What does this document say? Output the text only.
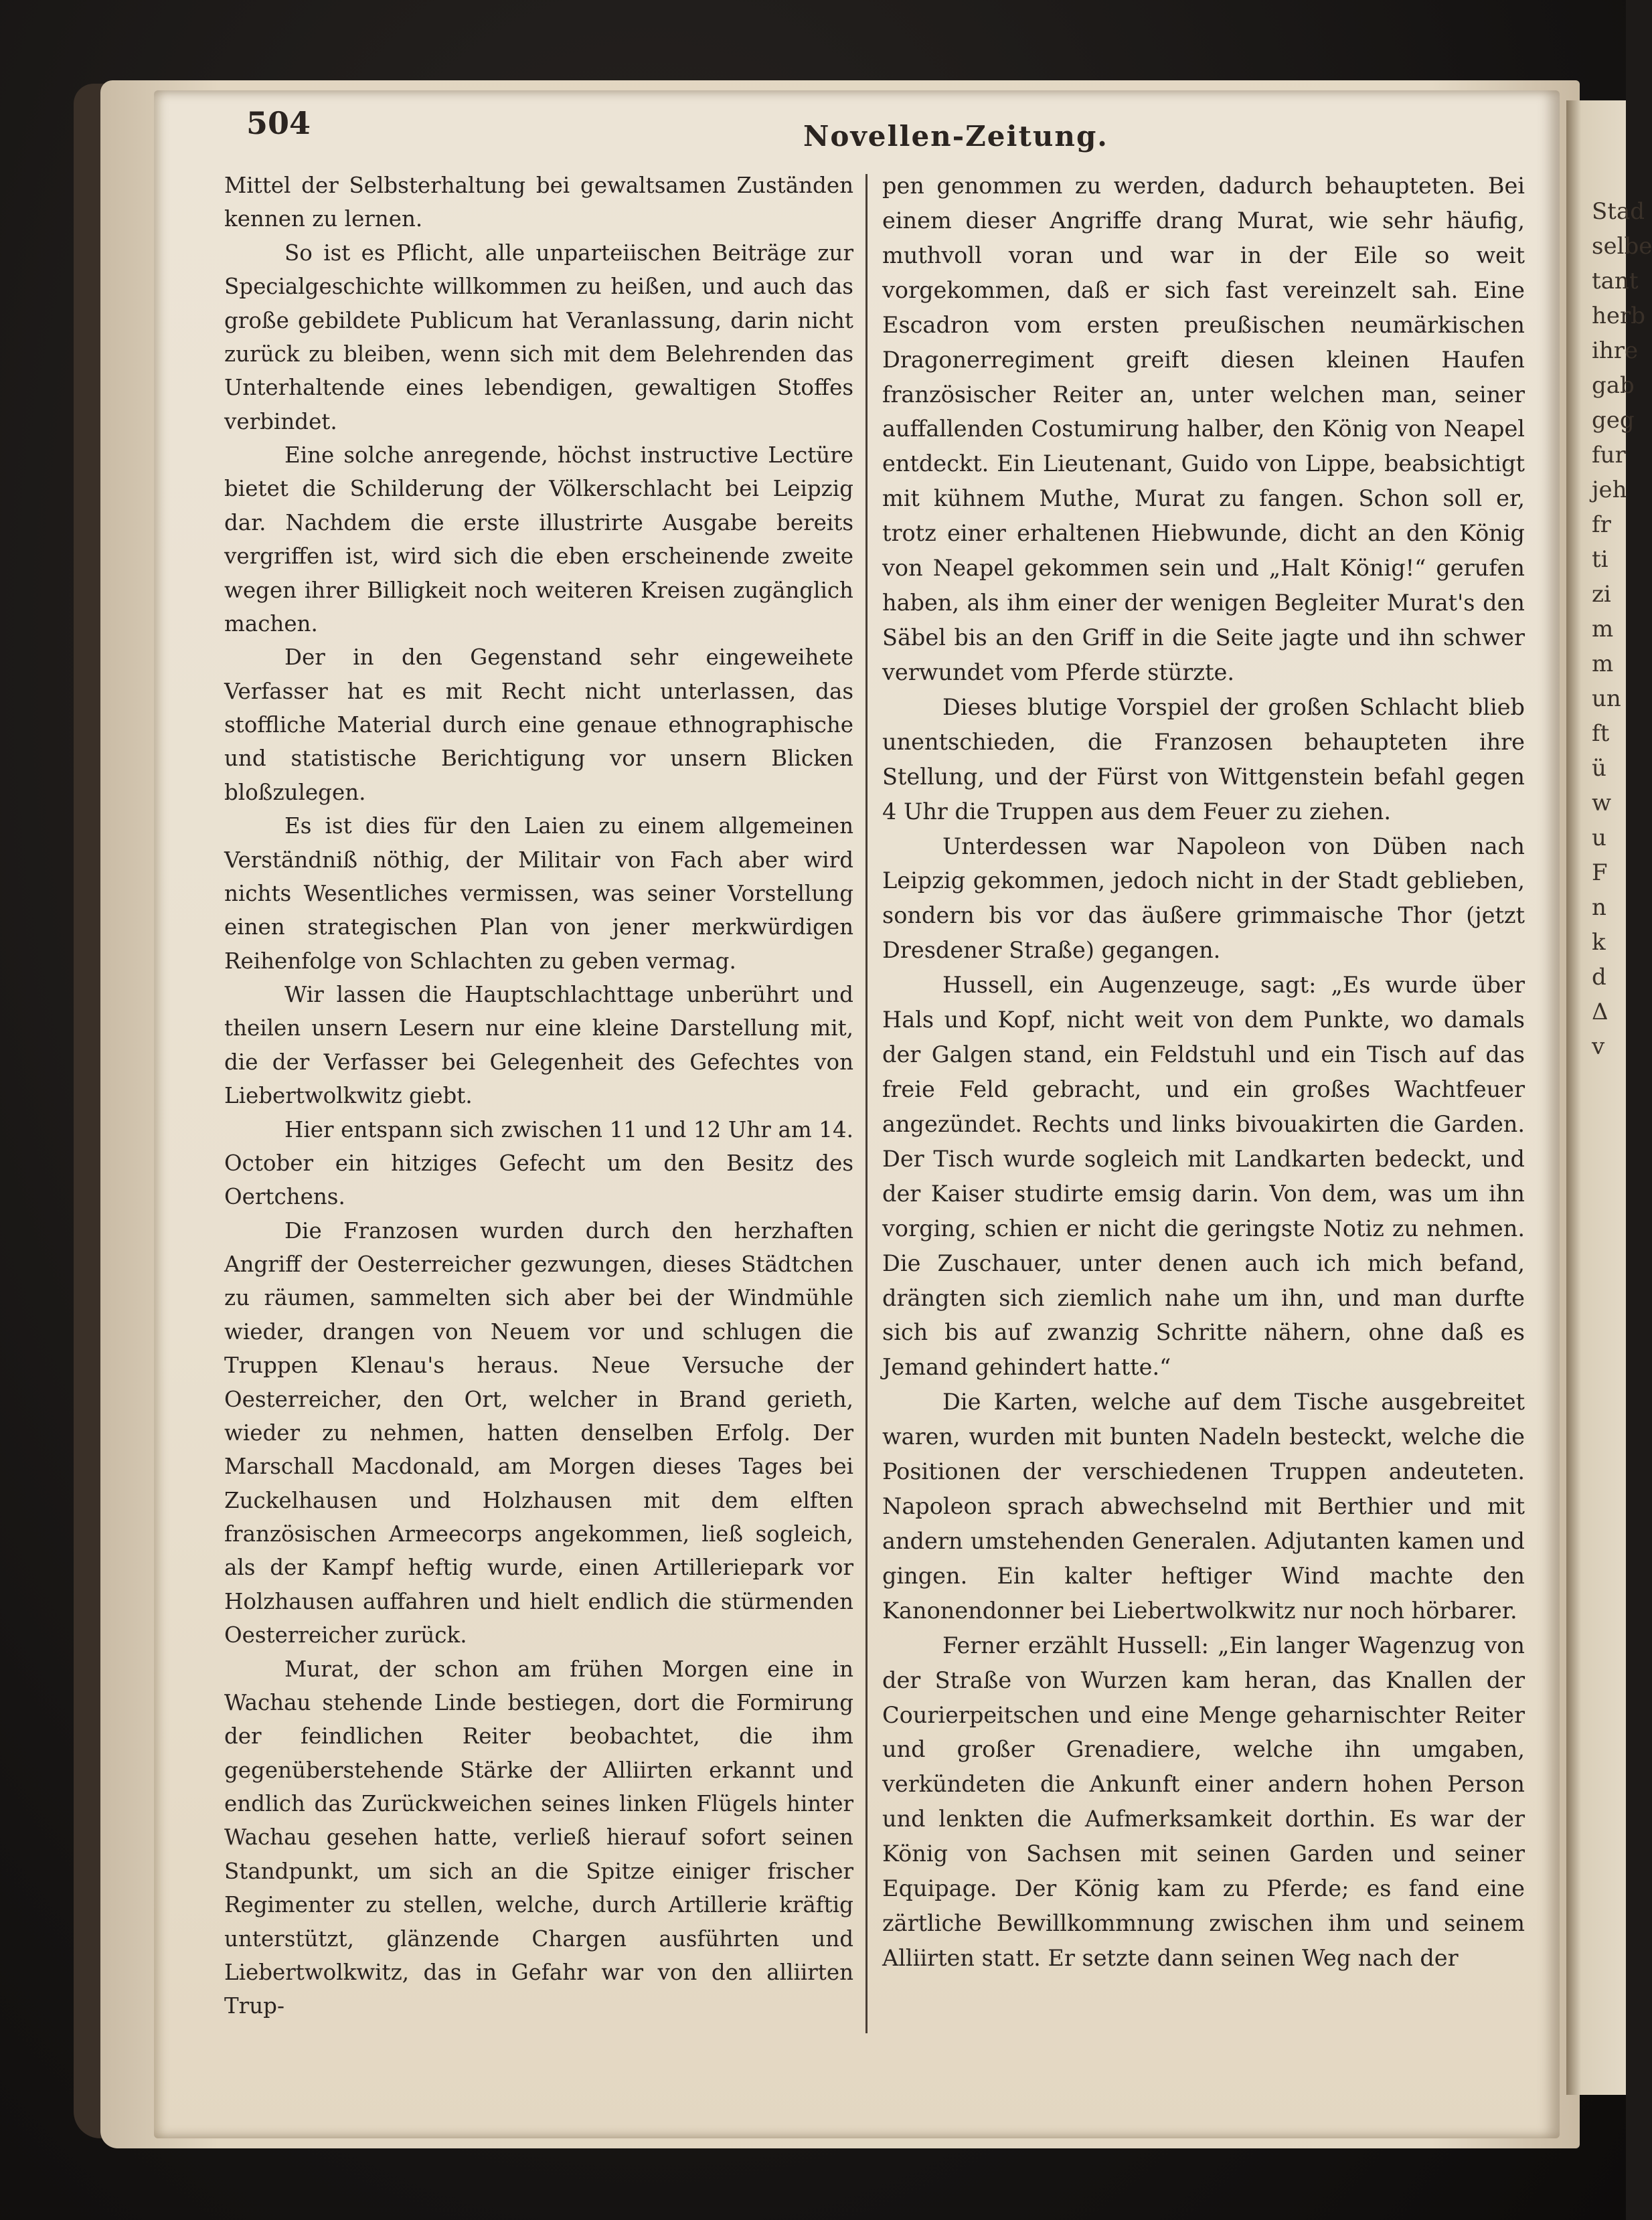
Stad
selbe
tant
herb
ihre
gab
geg
fur
jeh
fr
ti
zi
m
m
un
ft
ü
w
u
F
n
k
d
Δ
v
504	Novellen-Zeitung.

Mittel der Selbsterhaltung bei gewaltsamen Zuständen kennen zu lernen.

So ist es Pflicht, alle unparteiischen Beiträge zur Specialgeschichte willkommen zu heißen, und auch das große gebildete Publicum hat Veranlassung, darin nicht zurück zu bleiben, wenn sich mit dem Belehrenden das Unterhaltende eines lebendigen, gewaltigen Stoffes verbindet.

Eine solche anregende, höchst instructive Lectüre bietet die Schilderung der Völkerschlacht bei Leipzig dar. Nachdem die erste illustrirte Ausgabe bereits vergriffen ist, wird sich die eben erscheinende zweite wegen ihrer Billigkeit noch weiteren Kreisen zugänglich machen.

Der in den Gegenstand sehr eingeweihete Verfasser hat es mit Recht nicht unterlassen, das stoffliche Material durch eine genaue ethnographische und statistische Berichtigung vor unsern Blicken bloßzulegen.

Es ist dies für den Laien zu einem allgemeinen Verständniß nöthig, der Militair von Fach aber wird nichts Wesentliches vermissen, was seiner Vorstellung einen strategischen Plan von jener merkwürdigen Reihenfolge von Schlachten zu geben vermag.

Wir lassen die Hauptschlachttage unberührt und theilen unsern Lesern nur eine kleine Darstellung mit, die der Verfasser bei Gelegenheit des Gefechtes von Liebertwolkwitz giebt.

Hier entspann sich zwischen 11 und 12 Uhr am 14. October ein hitziges Gefecht um den Besitz des Oertchens.

Die Franzosen wurden durch den herzhaften Angriff der Oesterreicher gezwungen, dieses Städtchen zu räumen, sammelten sich aber bei der Windmühle wieder, drangen von Neuem vor und schlugen die Truppen Klenau's heraus. Neue Versuche der Oesterreicher, den Ort, welcher in Brand gerieth, wieder zu nehmen, hatten denselben Erfolg. Der Marschall Macdonald, am Morgen dieses Tages bei Zuckelhausen und Holzhausen mit dem elften französischen Armeecorps angekommen, ließ sogleich, als der Kampf heftig wurde, einen Artilleriepark vor Holzhausen auffahren und hielt endlich die stürmenden Oesterreicher zurück.

Murat, der schon am frühen Morgen eine in Wachau stehende Linde bestiegen, dort die Formirung der feindlichen Reiter beobachtet, die ihm gegenüberstehende Stärke der Alliirten erkannt und endlich das Zurückweichen seines linken Flügels hinter Wachau gesehen hatte, verließ hierauf sofort seinen Standpunkt, um sich an die Spitze einiger frischer Regimenter zu stellen, welche, durch Artillerie kräftig unterstützt, glänzende Chargen ausführten und Liebertwolkwitz, das in Gefahr war von den alliirten Trup-

pen genommen zu werden, dadurch behaupteten. Bei einem dieser Angriffe drang Murat, wie sehr häufig, muthvoll voran und war in der Eile so weit vorgekommen, daß er sich fast vereinzelt sah. Eine Escadron vom ersten preußischen neumärkischen Dragonerregiment greift diesen kleinen Haufen französischer Reiter an, unter welchen man, seiner auffallenden Costumirung halber, den König von Neapel entdeckt. Ein Lieutenant, Guido von Lippe, beabsichtigt mit kühnem Muthe, Murat zu fangen. Schon soll er, trotz einer erhaltenen Hiebwunde, dicht an den König von Neapel gekommen sein und „Halt König!“ gerufen haben, als ihm einer der wenigen Begleiter Murat's den Säbel bis an den Griff in die Seite jagte und ihn schwer verwundet vom Pferde stürzte.

Dieses blutige Vorspiel der großen Schlacht blieb unentschieden, die Franzosen behaupteten ihre Stellung, und der Fürst von Wittgenstein befahl gegen 4 Uhr die Truppen aus dem Feuer zu ziehen.

Unterdessen war Napoleon von Düben nach Leipzig gekommen, jedoch nicht in der Stadt geblieben, sondern bis vor das äußere grimmaische Thor (jetzt Dresdener Straße) gegangen.

Hussell, ein Augenzeuge, sagt: „Es wurde über Hals und Kopf, nicht weit von dem Punkte, wo damals der Galgen stand, ein Feldstuhl und ein Tisch auf das freie Feld gebracht, und ein großes Wachtfeuer angezündet. Rechts und links bivouakirten die Garden. Der Tisch wurde sogleich mit Landkarten bedeckt, und der Kaiser studirte emsig darin. Von dem, was um ihn vorging, schien er nicht die geringste Notiz zu nehmen. Die Zuschauer, unter denen auch ich mich befand, drängten sich ziemlich nahe um ihn, und man durfte sich bis auf zwanzig Schritte nähern, ohne daß es Jemand gehindert hatte.“

Die Karten, welche auf dem Tische ausgebreitet waren, wurden mit bunten Nadeln besteckt, welche die Positionen der verschiedenen Truppen andeuteten. Napoleon sprach abwechselnd mit Berthier und mit andern umstehenden Generalen. Adjutanten kamen und gingen. Ein kalter heftiger Wind machte den Kanonendonner bei Liebertwolkwitz nur noch hörbarer.

Ferner erzählt Hussell: „Ein langer Wagenzug von der Straße von Wurzen kam heran, das Knallen der Courierpeitschen und eine Menge geharnischter Reiter und großer Grenadiere, welche ihn umgaben, verkündeten die Ankunft einer andern hohen Person und lenkten die Aufmerksamkeit dorthin. Es war der König von Sachsen mit seinen Garden und seiner Equipage. Der König kam zu Pferde; es fand eine zärtliche Bewillkommnung zwischen ihm und seinem Alliirten statt. Er setzte dann seinen Weg nach der
